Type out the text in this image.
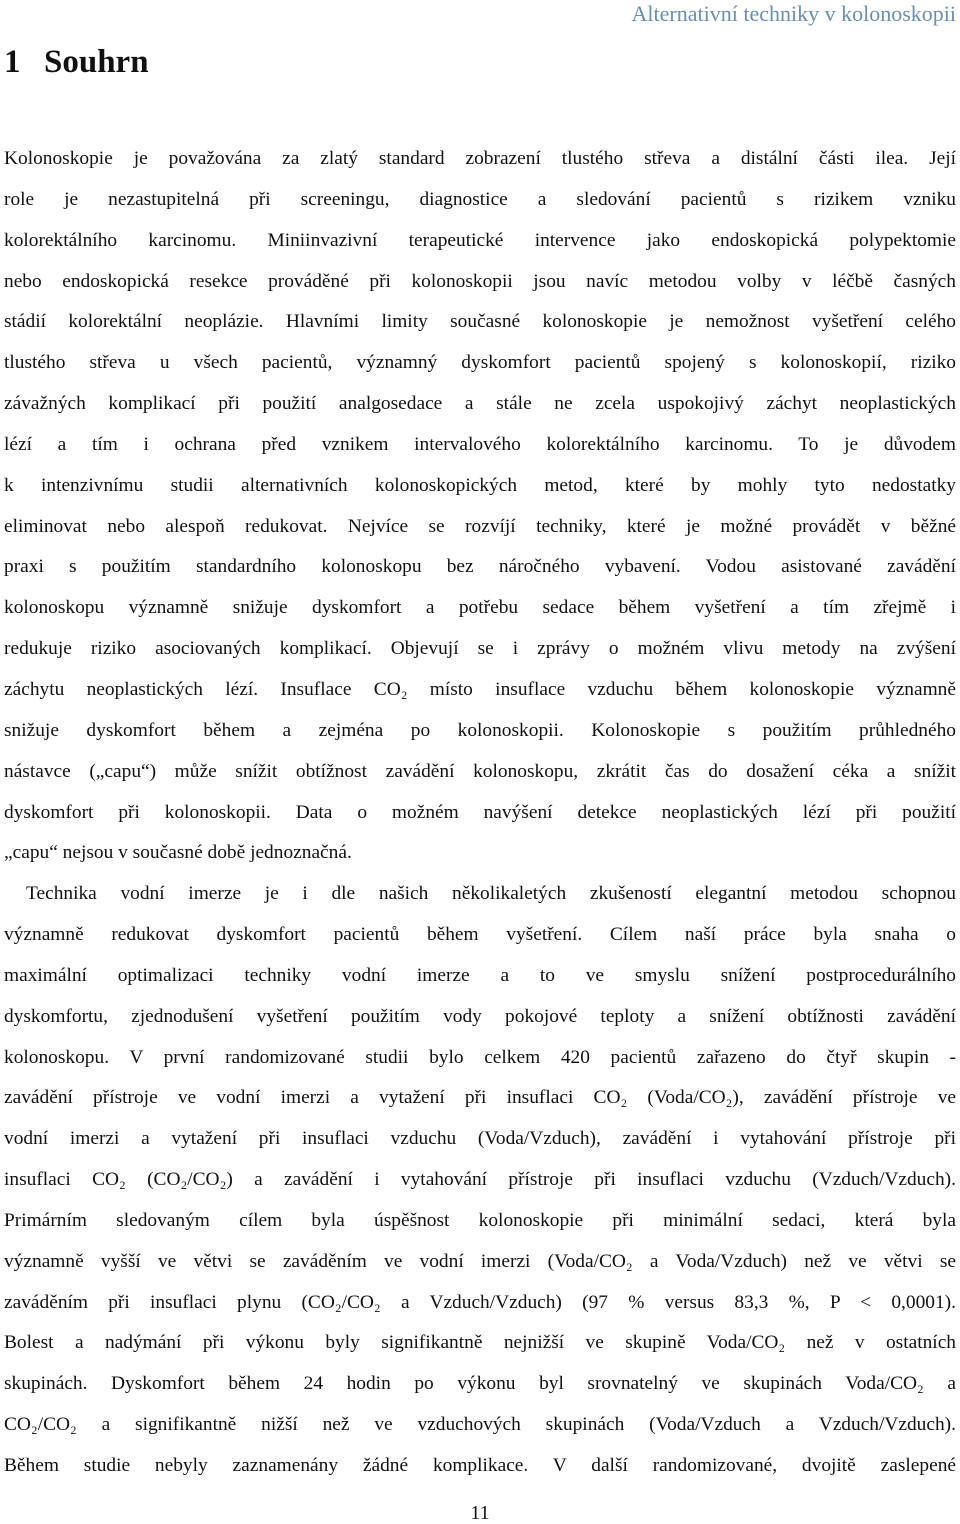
Alternativní techniky v kolonoskopii
1 Souhrn
Kolonoskopie je považována za zlatý standard zobrazení tlustého střeva a distální části ilea. Její
role je nezastupitelná při screeningu, diagnostice a sledování pacientů s rizikem vzniku
kolorektálního karcinomu. Miniinvazivní terapeutické intervence jako endoskopická polypektomie
nebo endoskopická resekce prováděné při kolonoskopii jsou navíc metodou volby v léčbě časných
stádií kolorektální neoplázie. Hlavními limity současné kolonoskopie je nemožnost vyšetření celého
tlustého střeva u všech pacientů, významný dyskomfort pacientů spojený s kolonoskopií, riziko
závažných komplikací při použití analgosedace a stále ne zcela uspokojivý záchyt neoplastických
lézí a tím i ochrana před vznikem intervalového kolorektálního karcinomu. To je důvodem
k intenzivnímu studii alternativních kolonoskopických metod, které by mohly tyto nedostatky
eliminovat nebo alespoň redukovat. Nejvíce se rozvíjí techniky, které je možné provádět v běžné
praxi s použitím standardního kolonoskopu bez náročného vybavení. Vodou asistované zavádění
kolonoskopu významně snižuje dyskomfort a potřebu sedace během vyšetření a tím zřejmě i
redukuje riziko asociovaných komplikací. Objevují se i zprávy o možném vlivu metody na zvýšení
záchytu neoplastických lézí. Insuflace CO₂ místo insuflace vzduchu během kolonoskopie významně
snižuje dyskomfort během a zejména po kolonoskopii. Kolonoskopie s použitím průhledného
nástavce („capu“) může snížit obtížnost zavádění kolonoskopu, zkrátit čas do dosažení céka a snížit
dyskomfort při kolonoskopii. Data o možném navýšení detekce neoplastických lézí při použití
„capu“ nejsou v současné době jednoznačná.
Technika vodní imerze je i dle našich několikaletých zkušeností elegantní metodou schopnou
významně redukovat dyskomfort pacientů během vyšetření. Cílem naší práce byla snaha o
maximální optimalizaci techniky vodní imerze a to ve smyslu snížení postprocedurálního
dyskomfortu, zjednodušení vyšetření použitím vody pokojové teploty a snížení obtížnosti zavádění
kolonoskopu. V první randomizované studii bylo celkem 420 pacientů zařazeno do čtyř skupin -
zavádění přístroje ve vodní imerzi a vytažení při insuflaci CO₂ (Voda/CO₂), zavádění přístroje ve
vodní imerzi a vytažení při insuflaci vzduchu (Voda/Vzduch), zavádění i vytahování přístroje při
insuflaci CO₂ (CO₂/CO₂) a zavádění i vytahování přístroje při insuflaci vzduchu (Vzduch/Vzduch).
Primárním sledovaným cílem byla úspěšnost kolonoskopie při minimální sedaci, která byla
významně vyšší ve větvi se zaváděním ve vodní imerzi (Voda/CO₂ a Voda/Vzduch) než ve větvi se
zaváděním při insuflaci plynu (CO₂/CO₂ a Vzduch/Vzduch) (97 % versus 83,3 %, P < 0,0001).
Bolest a nadýmání při výkonu byly signifikantně nejnižší ve skupině Voda/CO₂ než v ostatních
skupinách. Dyskomfort během 24 hodin po výkonu byl srovnatelný ve skupinách Voda/CO₂ a
CO₂/CO₂ a signifikantně nižší než ve vzduchových skupinách (Voda/Vzduch a Vzduch/Vzduch).
Během studie nebyly zaznamenány žádné komplikace. V další randomizované, dvojitě zaslepené
11
